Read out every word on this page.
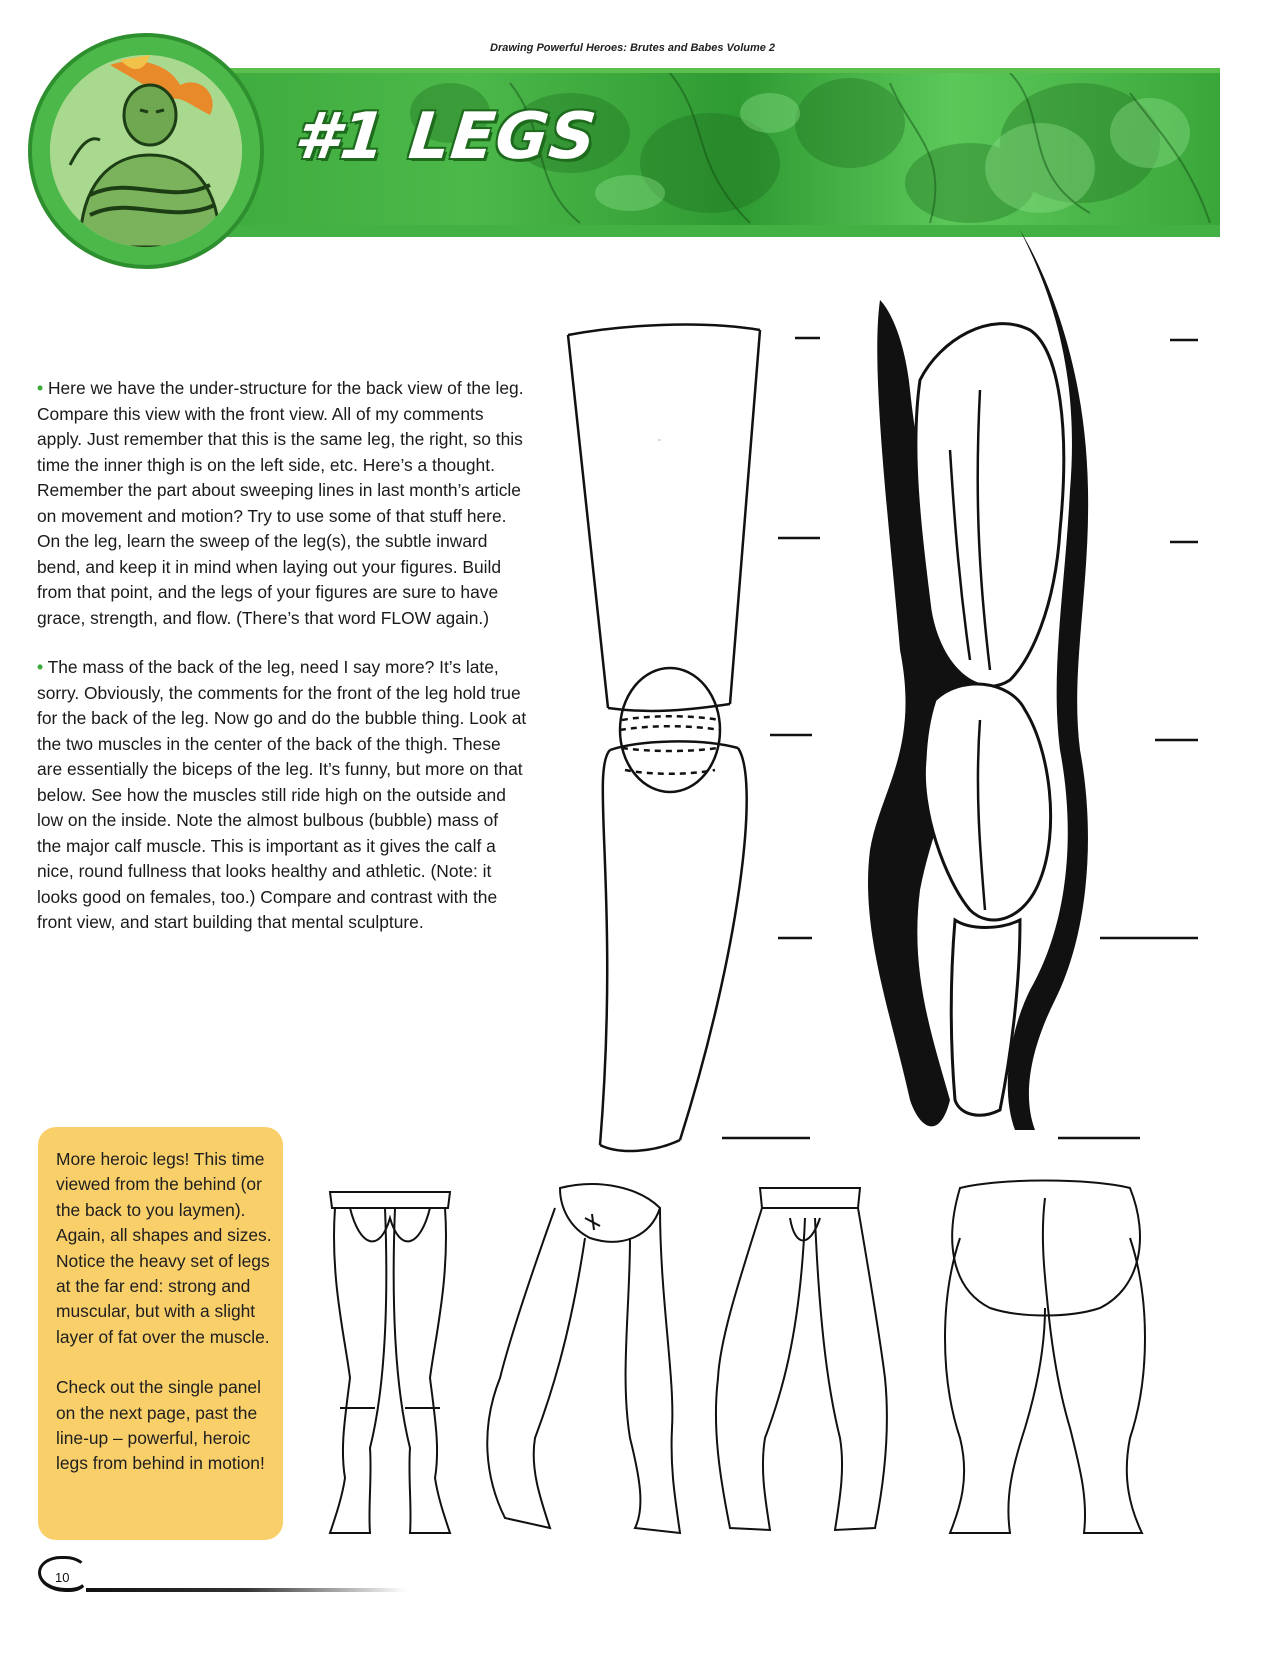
Drawing Powerful Heroes: Brutes and Babes Volume 2
#1 LEGS

• Here we have the under-structure for the back view of the leg. Compare this view with the front view. All of my comments apply. Just remember that this is the same leg, the right, so this time the inner thigh is on the left side, etc. Here’s a thought. Remember the part about sweeping lines in last month’s article on movement and motion? Try to use some of that stuff here. On the leg, learn the sweep of the leg(s), the subtle inward bend, and keep it in mind when laying out your figures. Build from that point, and the legs of your figures are sure to have grace, strength, and flow. (There’s that word FLOW again.)

• The mass of the back of the leg, need I say more? It’s late, sorry. Obviously, the comments for the front of the leg hold true for the back of the leg. Now go and do the bubble thing. Look at the two muscles in the center of the back of the thigh. These are essentially the biceps of the leg. It’s funny, but more on that below. See how the muscles still ride high on the outside and low on the inside. Note the almost bulbous (bubble) mass of the major calf muscle. This is important as it gives the calf a nice, round fullness that looks healthy and athletic. (Note: it looks good on females, too.) Compare and contrast with the front view, and start building that mental sculpture.

More heroic legs! This time viewed from the behind (or the back to you laymen). Again, all shapes and sizes. Notice the heavy set of legs at the far end: strong and muscular, but with a slight layer of fat over the muscle.

Check out the single panel on the next page, past the line-up – powerful, heroic legs from behind in motion!

10
